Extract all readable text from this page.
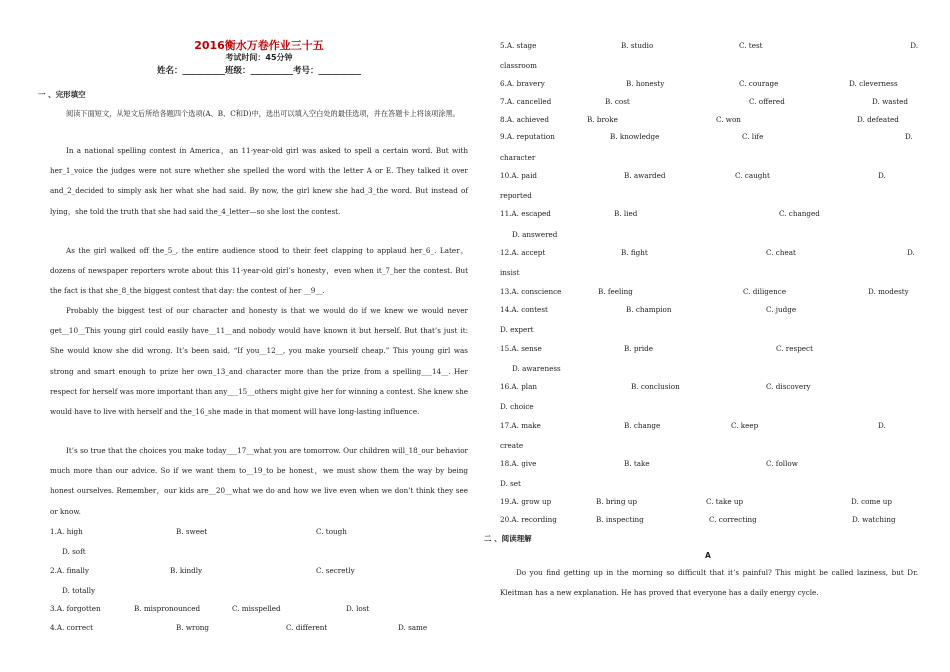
2016衡水万卷作业三十五
考试时间：45分钟
姓名：__________班级：__________考号：__________
一 、完形填空
阅读下面短文，从短文后所给各题四个选项(A、B、C和D)中，选出可以填入空白处的最佳选项，并在答题卡上将该项涂黑。
In a national spelling contest in America，an 11-year-old girl was asked to spell a certain word. But with her_1_voice the judges were not sure whether she spelled the word with the letter A or E. They talked it over and_2_decided to simply ask her what she had said. By now, the girl knew she had_3_the word. But instead of lying，she told the truth that she had said the_4_letter—so she lost the contest.
As the girl walked off the_5_, the entire audience stood to their feet clapping to applaud her_6_. Later，dozens of newspaper reporters wrote about this 11-year-old girl’s honesty，even when it_7_her the contest. But the fact is that she_8_the biggest contest that day: the contest of her __9__.
Probably the biggest test of our character and honesty is that we would do if we knew we would never get__10__This young girl could easily have__11__and nobody would have known it but herself. But that’s just it: She would know she did wrong. It’s been said, “If you__12__, you make yourself cheap.” This young girl was strong and smart enough to prize her own_13_and character more than the prize from a spelling___14__. Her respect for herself was more important than any___15__others might give her for winning a contest. She knew she would have to live with herself and the_16_she made in that moment will have long-lasting influence.
It’s so true that the choices you make today___17__what you are tomorrow. Our children will_18_our behavior much more than our advice. So if we want them to__19_to be honest，we must show them the way by being honest ourselves. Remember，our kids are__20__what we do and how we live even when we don’t think they see or know.
1.A. high	B. sweet	C. tough
D. soft
2.A. finally	B. kindly	C. secretly
D. totally
3.A. forgotten	B. mispronounced	C. misspelled	D. lost
4.A. correct	B. wrong	C. different	D. same
5.A. stage	B. studio	C. test	D.
classroom
6.A. bravery	B. honesty	C. courage	D. cleverness
7.A. cancelled	B. cost	C. offered	D. wasted
8.A. achieved	B. broke	C. won	D. defeated
9.A. reputation	B. knowledge	C. life	D.
character
10.A. paid	B. awarded	C. caught	D.
reported
11.A. escaped	B. lied	C. changed
D. answered
12.A. accept	B. fight	C. cheat	D.
insist
13.A. conscience	B. feeling	C. diligence	D. modesty
14.A. contest	B. champion	C. judge
D. expert
15.A. sense	B. pride	C. respect
D. awareness
16.A. plan	B. conclusion	C. discovery
D. choice
17.A. make	B. change	C. keep	D.
create
18.A. give	B. take	C. follow
D. set
19.A. grow up	B. bring up	C. take up	D. come up
20.A. recording	B. inspecting	C. correcting	D. watching
二 、阅读理解
A
Do you find getting up in the morning so difficult that it’s painful? This might be called laziness, but Dr. Kleitman has a new explanation. He has proved that everyone has a daily energy cycle.
